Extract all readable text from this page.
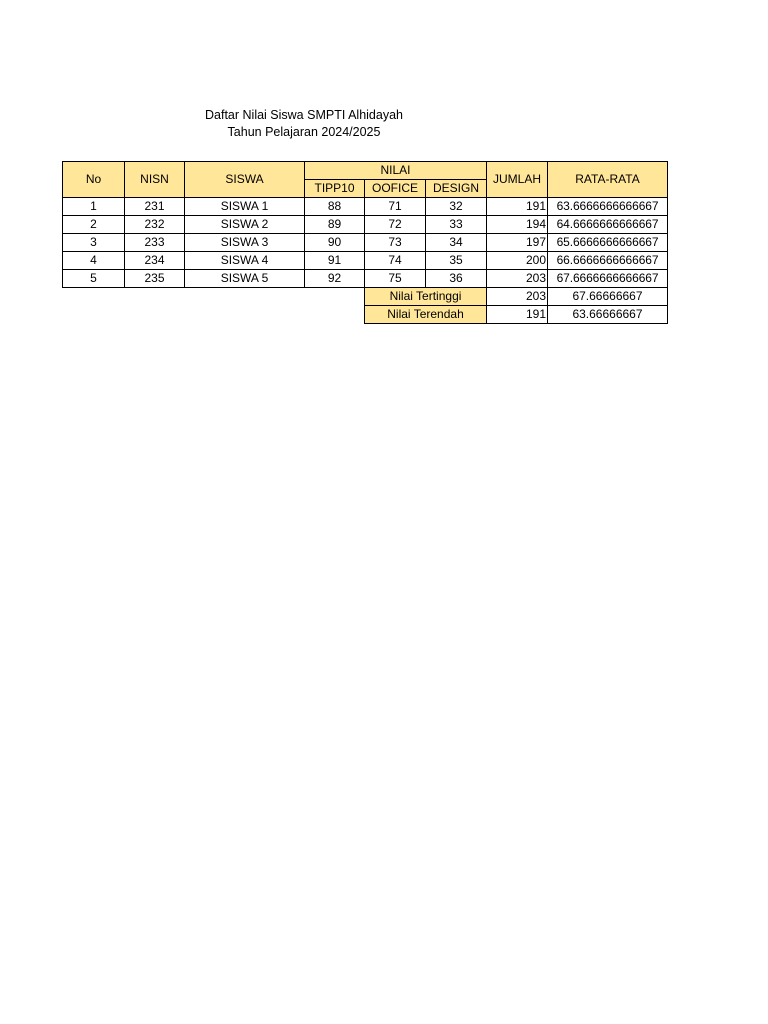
Daftar Nilai Siswa SMPTI Alhidayah
Tahun Pelajaran 2024/2025
No	NISN	SISWA	NILAI			JUMLAH	RATA-RATA
			TIPP10	OOFICE	DESIGN		
1	231	SISWA 1	88	71	32	191	63.6666666666667
2	232	SISWA 2	89	72	33	194	64.6666666666667
3	233	SISWA 3	90	73	34	197	65.6666666666667
4	234	SISWA 4	91	74	35	200	66.6666666666667
5	235	SISWA 5	92	75	36	203	67.6666666666667
				Nilai Tertinggi		203	67.66666667
				Nilai Terendah		191	63.66666667
